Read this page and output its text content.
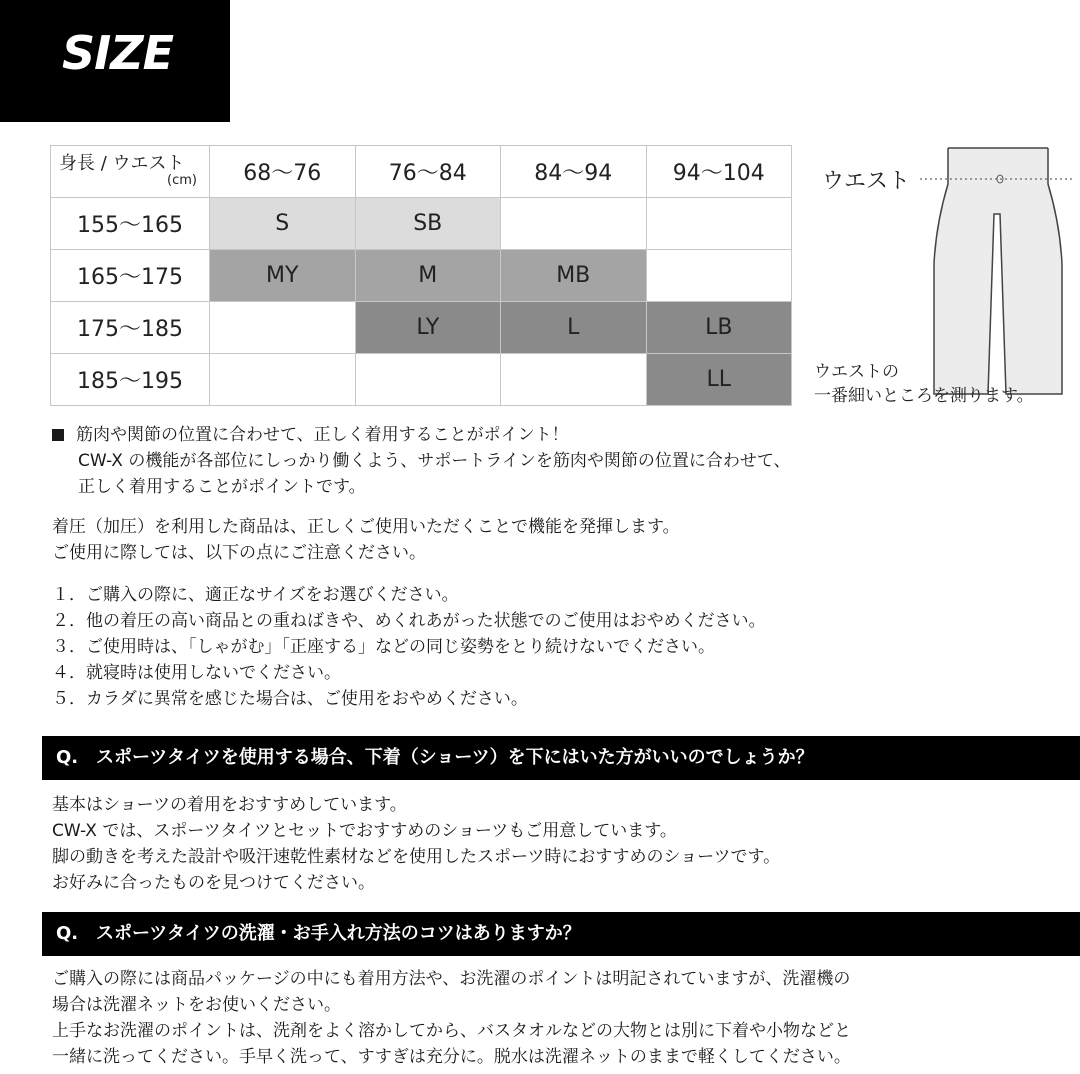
SIZE
身長 / ウエスト
(cm)	68〜76	76〜84	84〜94	94〜104
155〜165	S	SB		
165〜175	MY	M	MB	
175〜185		LY	L	LB
185〜195				LL
ウエスト
ウエストの
一番細いところを測ります。
筋肉や関節の位置に合わせて、正しく着用することがポイント！

CW-X の機能が各部位にしっかり働くよう、サポートラインを筋肉や関節の位置に合わせて、

正しく着用することがポイントです。

着圧（加圧）を利用した商品は、正しくご使用いただくことで機能を発揮します。

ご使用に際しては、以下の点にご注意ください。

１．ご購入の際に、適正なサイズをお選びください。

２．他の着圧の高い商品との重ねばきや、めくれあがった状態でのご使用はおやめください。

３．ご使用時は、「しゃがむ」「正座する」などの同じ姿勢をとり続けないでください。

４．就寝時は使用しないでください。

５．カラダに異常を感じた場合は、ご使用をおやめください。

Q. スポーツタイツを使用する場合、下着（ショーツ）を下にはいた方がいいのでしょうか？

基本はショーツの着用をおすすめしています。

CW-X では、スポーツタイツとセットでおすすめのショーツもご用意しています。

脚の動きを考えた設計や吸汗速乾性素材などを使用したスポーツ時におすすめのショーツです。

お好みに合ったものを見つけてください。

Q. スポーツタイツの洗濯・お手入れ方法のコツはありますか？

ご購入の際には商品パッケージの中にも着用方法や、お洗濯のポイントは明記されていますが、洗濯機の

場合は洗濯ネットをお使いください。

上手なお洗濯のポイントは、洗剤をよく溶かしてから、バスタオルなどの大物とは別に下着や小物などと

一緒に洗ってください。手早く洗って、すすぎは充分に。脱水は洗濯ネットのままで軽くしてください。
